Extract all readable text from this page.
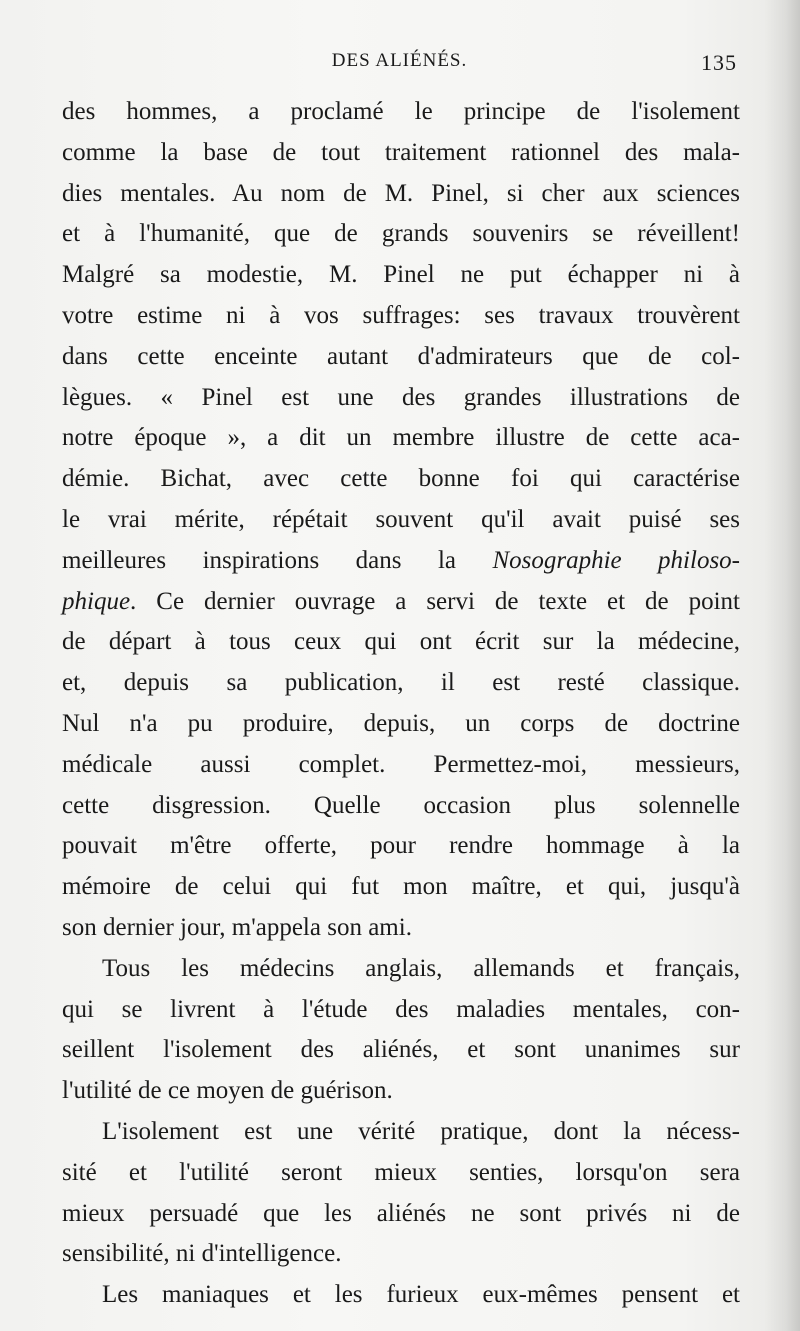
DES ALIÉNÉS.	135
des hommes, a proclamé le principe de l'isolement
comme la base de tout traitement rationnel des mala-
dies mentales. Au nom de M. Pinel, si cher aux sciences
et à l'humanité, que de grands souvenirs se réveillent!
Malgré sa modestie, M. Pinel ne put échapper ni à
votre estime ni à vos suffrages: ses travaux trouvèrent
dans cette enceinte autant d'admirateurs que de col-
lègues. « Pinel est une des grandes illustrations de
notre époque », a dit un membre illustre de cette aca-
démie. Bichat, avec cette bonne foi qui caractérise
le vrai mérite, répétait souvent qu'il avait puisé ses
meilleures inspirations dans la Nosographie philoso-
phique. Ce dernier ouvrage a servi de texte et de point
de départ à tous ceux qui ont écrit sur la médecine,
et, depuis sa publication, il est resté classique.
Nul n'a pu produire, depuis, un corps de doctrine
médicale aussi complet. Permettez-moi, messieurs,
cette disgression. Quelle occasion plus solennelle
pouvait m'être offerte, pour rendre hommage à la
mémoire de celui qui fut mon maître, et qui, jusqu'à
son dernier jour, m'appela son ami.
Tous les médecins anglais, allemands et français,
qui se livrent à l'étude des maladies mentales, con-
seillent l'isolement des aliénés, et sont unanimes sur
l'utilité de ce moyen de guérison.
L'isolement est une vérité pratique, dont la nécess-
sité et l'utilité seront mieux senties, lorsqu'on sera
mieux persuadé que les aliénés ne sont privés ni de
sensibilité, ni d'intelligence.
Les maniaques et les furieux eux-mêmes pensent et
